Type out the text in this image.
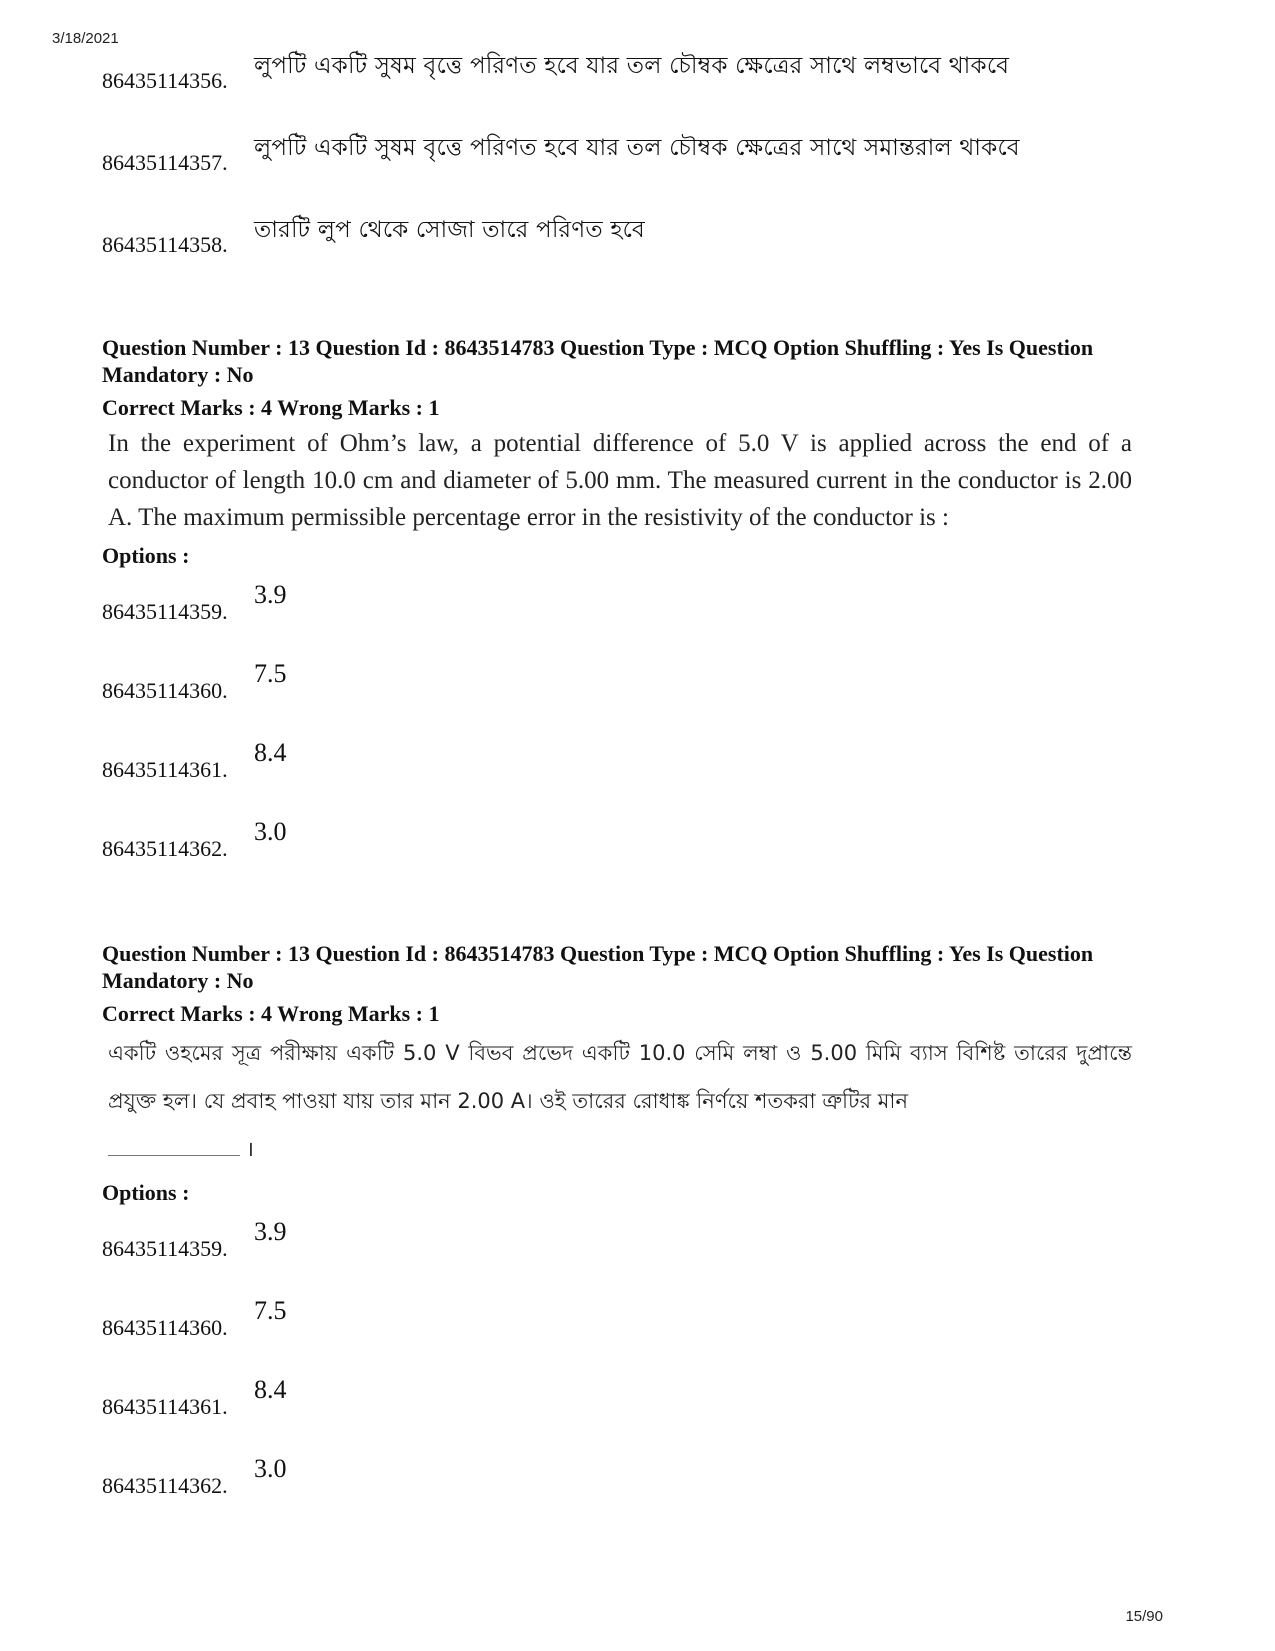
3/18/2021
86435114356.
লুপটি একটি সুষম বৃত্তে পরিণত হবে যার তল চৌম্বক ক্ষেত্রের সাথে লম্বভাবে থাকবে
86435114357.
লুপটি একটি সুষম বৃত্তে পরিণত হবে যার তল চৌম্বক ক্ষেত্রের সাথে সমান্তরাল থাকবে
86435114358.
তারটি লুপ থেকে সোজা তারে পরিণত হবে
Question Number : 13 Question Id : 8643514783 Question Type : MCQ Option Shuffling : Yes Is Question Mandatory : No
Correct Marks : 4 Wrong Marks : 1
In the experiment of Ohm’s law, a potential difference of 5.0 V is applied across the end of a conductor of length 10.0 cm and diameter of 5.00 mm. The measured current in the conductor is 2.00 A. The maximum permissible percentage error in the resistivity of the conductor is :
Options :
86435114359.
3.9
86435114360.
7.5
86435114361.
8.4
86435114362.
3.0
Question Number : 13 Question Id : 8643514783 Question Type : MCQ Option Shuffling : Yes Is Question Mandatory : No
Correct Marks : 4 Wrong Marks : 1
একটি ওহমের সূত্র পরীক্ষায় একটি 5.0 V বিভব প্রভেদ একটি 10.0 সেমি লম্বা ও 5.00 মিমি ব্যাস বিশিষ্ট তারের দুপ্রান্তে প্রযুক্ত হল। যে প্রবাহ পাওয়া যায় তার মান 2.00 A। ওই তারের রোধাঙ্ক নির্ণয়ে শতকরা ত্রুটির মান
।
Options :
86435114359.
3.9
86435114360.
7.5
86435114361.
8.4
86435114362.
3.0
15/90
